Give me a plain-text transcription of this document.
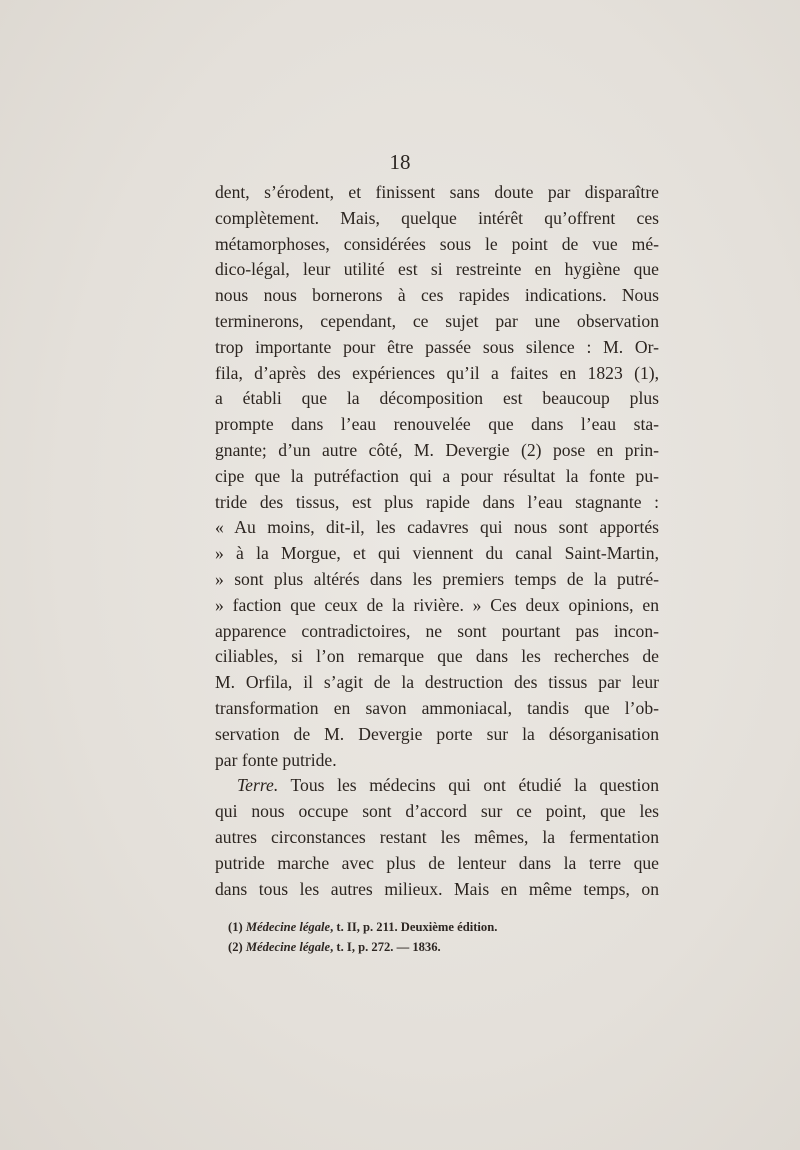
18
dent, s’érodent, et finissent sans doute par disparaître
complètement. Mais, quelque intérêt qu’offrent ces
métamorphoses, considérées sous le point de vue mé-
dico-légal, leur utilité est si restreinte en hygiène que
nous nous bornerons à ces rapides indications. Nous
terminerons, cependant, ce sujet par une observation
trop importante pour être passée sous silence : M. Or-
fila, d’après des expériences qu’il a faites en 1823 (1),
a établi que la décomposition est beaucoup plus
prompte dans l’eau renouvelée que dans l’eau sta-
gnante; d’un autre côté, M. Devergie (2) pose en prin-
cipe que la putréfaction qui a pour résultat la fonte pu-
tride des tissus, est plus rapide dans l’eau stagnante :
« Au moins, dit-il, les cadavres qui nous sont apportés
» à la Morgue, et qui viennent du canal Saint-Martin,
» sont plus altérés dans les premiers temps de la putré-
» faction que ceux de la rivière. » Ces deux opinions, en
apparence contradictoires, ne sont pourtant pas incon-
ciliables, si l’on remarque que dans les recherches de
M. Orfila, il s’agit de la destruction des tissus par leur
transformation en savon ammoniacal, tandis que l’ob-
servation de M. Devergie porte sur la désorganisation
par fonte putride.
Terre. Tous les médecins qui ont étudié la question
qui nous occupe sont d’accord sur ce point, que les
autres circonstances restant les mêmes, la fermentation
putride marche avec plus de lenteur dans la terre que
dans tous les autres milieux. Mais en même temps, on
(1) Médecine légale, t. II, p. 211. Deuxième édition.
(2) Médecine légale, t. I, p. 272. — 1836.
